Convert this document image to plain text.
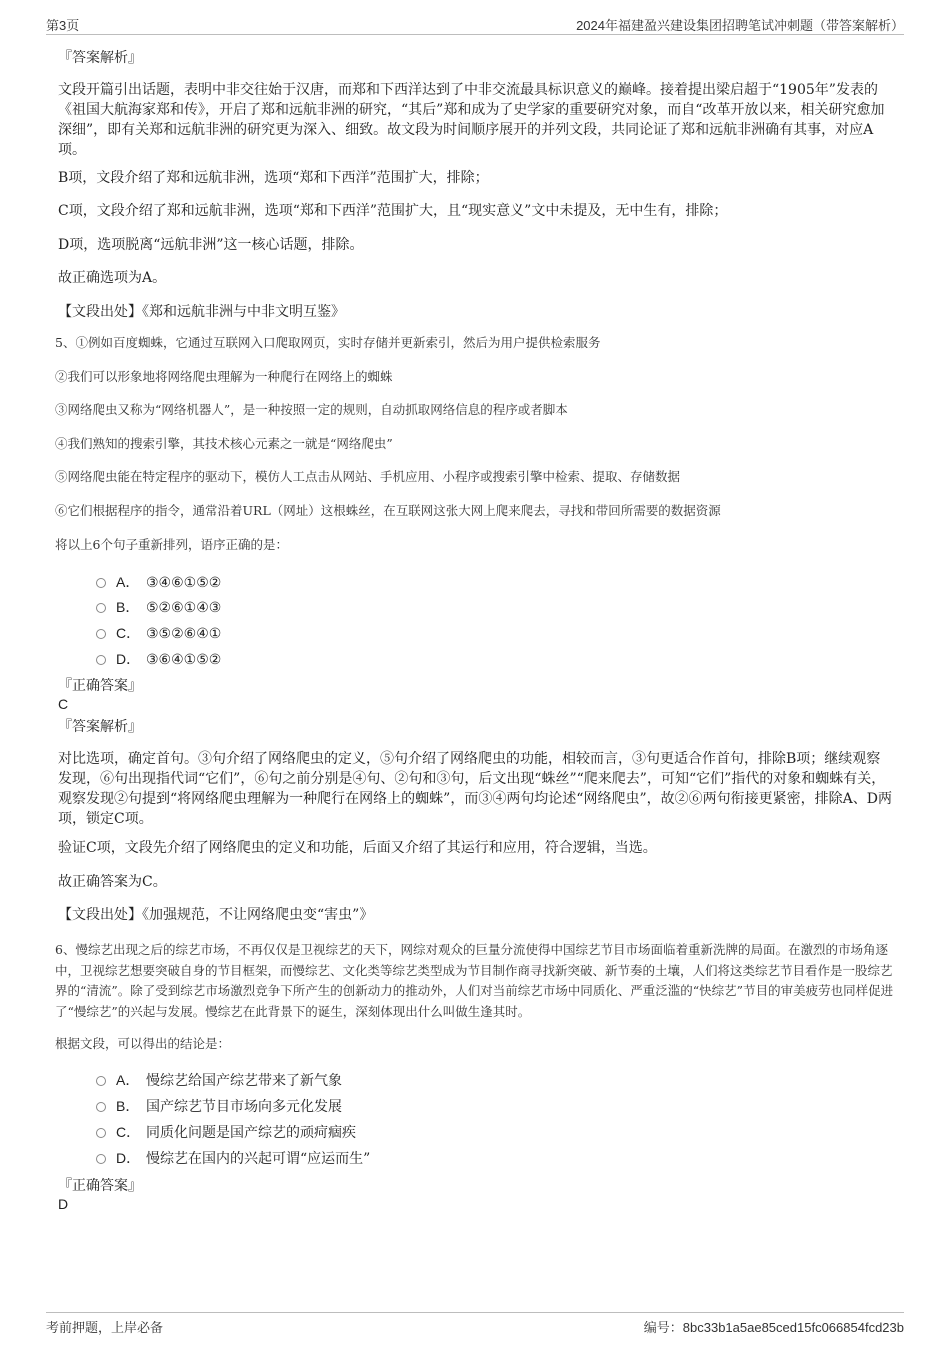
第3页	2024年福建盈兴建设集团招聘笔试冲刺题（带答案解析）
『答案解析』
文段开篇引出话题，表明中非交往始于汉唐，而郑和下西洋达到了中非交流最具标识意义的巅峰。接着提出梁启超于“1905年”发表的《祖国大航海家郑和传》，开启了郑和远航非洲的研究，“其后”郑和成为了史学家的重要研究对象，而自“改革开放以来，相关研究愈加深细”，即有关郑和远航非洲的研究更为深入、细致。故文段为时间顺序展开的并列文段，共同论证了郑和远航非洲确有其事，对应A项。
B项，文段介绍了郑和远航非洲，选项“郑和下西洋”范围扩大，排除；
C项，文段介绍了郑和远航非洲，选项“郑和下西洋”范围扩大，且“现实意义”文中未提及，无中生有，排除；
D项，选项脱离“远航非洲”这一核心话题，排除。
故正确选项为A。
【文段出处】《郑和远航非洲与中非文明互鉴》
5、①例如百度蜘蛛，它通过互联网入口爬取网页，实时存储并更新索引，然后为用户提供检索服务
②我们可以形象地将网络爬虫理解为一种爬行在网络上的蜘蛛
③网络爬虫又称为“网络机器人”，是一种按照一定的规则，自动抓取网络信息的程序或者脚本
④我们熟知的搜索引擎，其技术核心元素之一就是“网络爬虫”
⑤网络爬虫能在特定程序的驱动下，模仿人工点击从网站、手机应用、小程序或搜索引擎中检索、提取、存储数据
⑥它们根据程序的指令，通常沿着URL（网址）这根蛛丝，在互联网这张大网上爬来爬去，寻找和带回所需要的数据资源
将以上6个句子重新排列，语序正确的是：
A． ③④⑥①⑤②
B． ⑤②⑥①④③
C． ③⑤②⑥④①
D． ③⑥④①⑤②
『正确答案』
C
『答案解析』
对比选项，确定首句。③句介绍了网络爬虫的定义，⑤句介绍了网络爬虫的功能，相较而言，③句更适合作首句，排除B项；继续观察发现，⑥句出现指代词“它们”，⑥句之前分别是④句、②句和③句，后文出现“蛛丝”“爬来爬去”，可知“它们”指代的对象和蜘蛛有关，观察发现②句提到“将网络爬虫理解为一种爬行在网络上的蜘蛛”，而③④两句均论述“网络爬虫”，故②⑥两句衔接更紧密，排除A、D两项，锁定C项。
验证C项，文段先介绍了网络爬虫的定义和功能，后面又介绍了其运行和应用，符合逻辑，当选。
故正确答案为C。
【文段出处】《加强规范，不让网络爬虫变“害虫”》
6、慢综艺出现之后的综艺市场，不再仅仅是卫视综艺的天下，网综对观众的巨量分流使得中国综艺节目市场面临着重新洗牌的局面。在激烈的市场角逐中，卫视综艺想要突破自身的节目框架，而慢综艺、文化类等综艺类型成为节目制作商寻找新突破、新节奏的土壤，人们将这类综艺节目看作是一股综艺界的“清流”。除了受到综艺市场激烈竞争下所产生的创新动力的推动外，人们对当前综艺市场中同质化、严重泛滥的“快综艺”节目的审美疲劳也同样促进了“慢综艺”的兴起与发展。慢综艺在此背景下的诞生，深刻体现出什么叫做生逢其时。
根据文段，可以得出的结论是：
A． 慢综艺给国产综艺带来了新气象
B． 国产综艺节目市场向多元化发展
C． 同质化问题是国产综艺的顽疴痼疾
D． 慢综艺在国内的兴起可谓“应运而生”
『正确答案』
D
考前押题，上岸必备	编号：8bc33b1a5ae85ced15fc066854fcd23b
